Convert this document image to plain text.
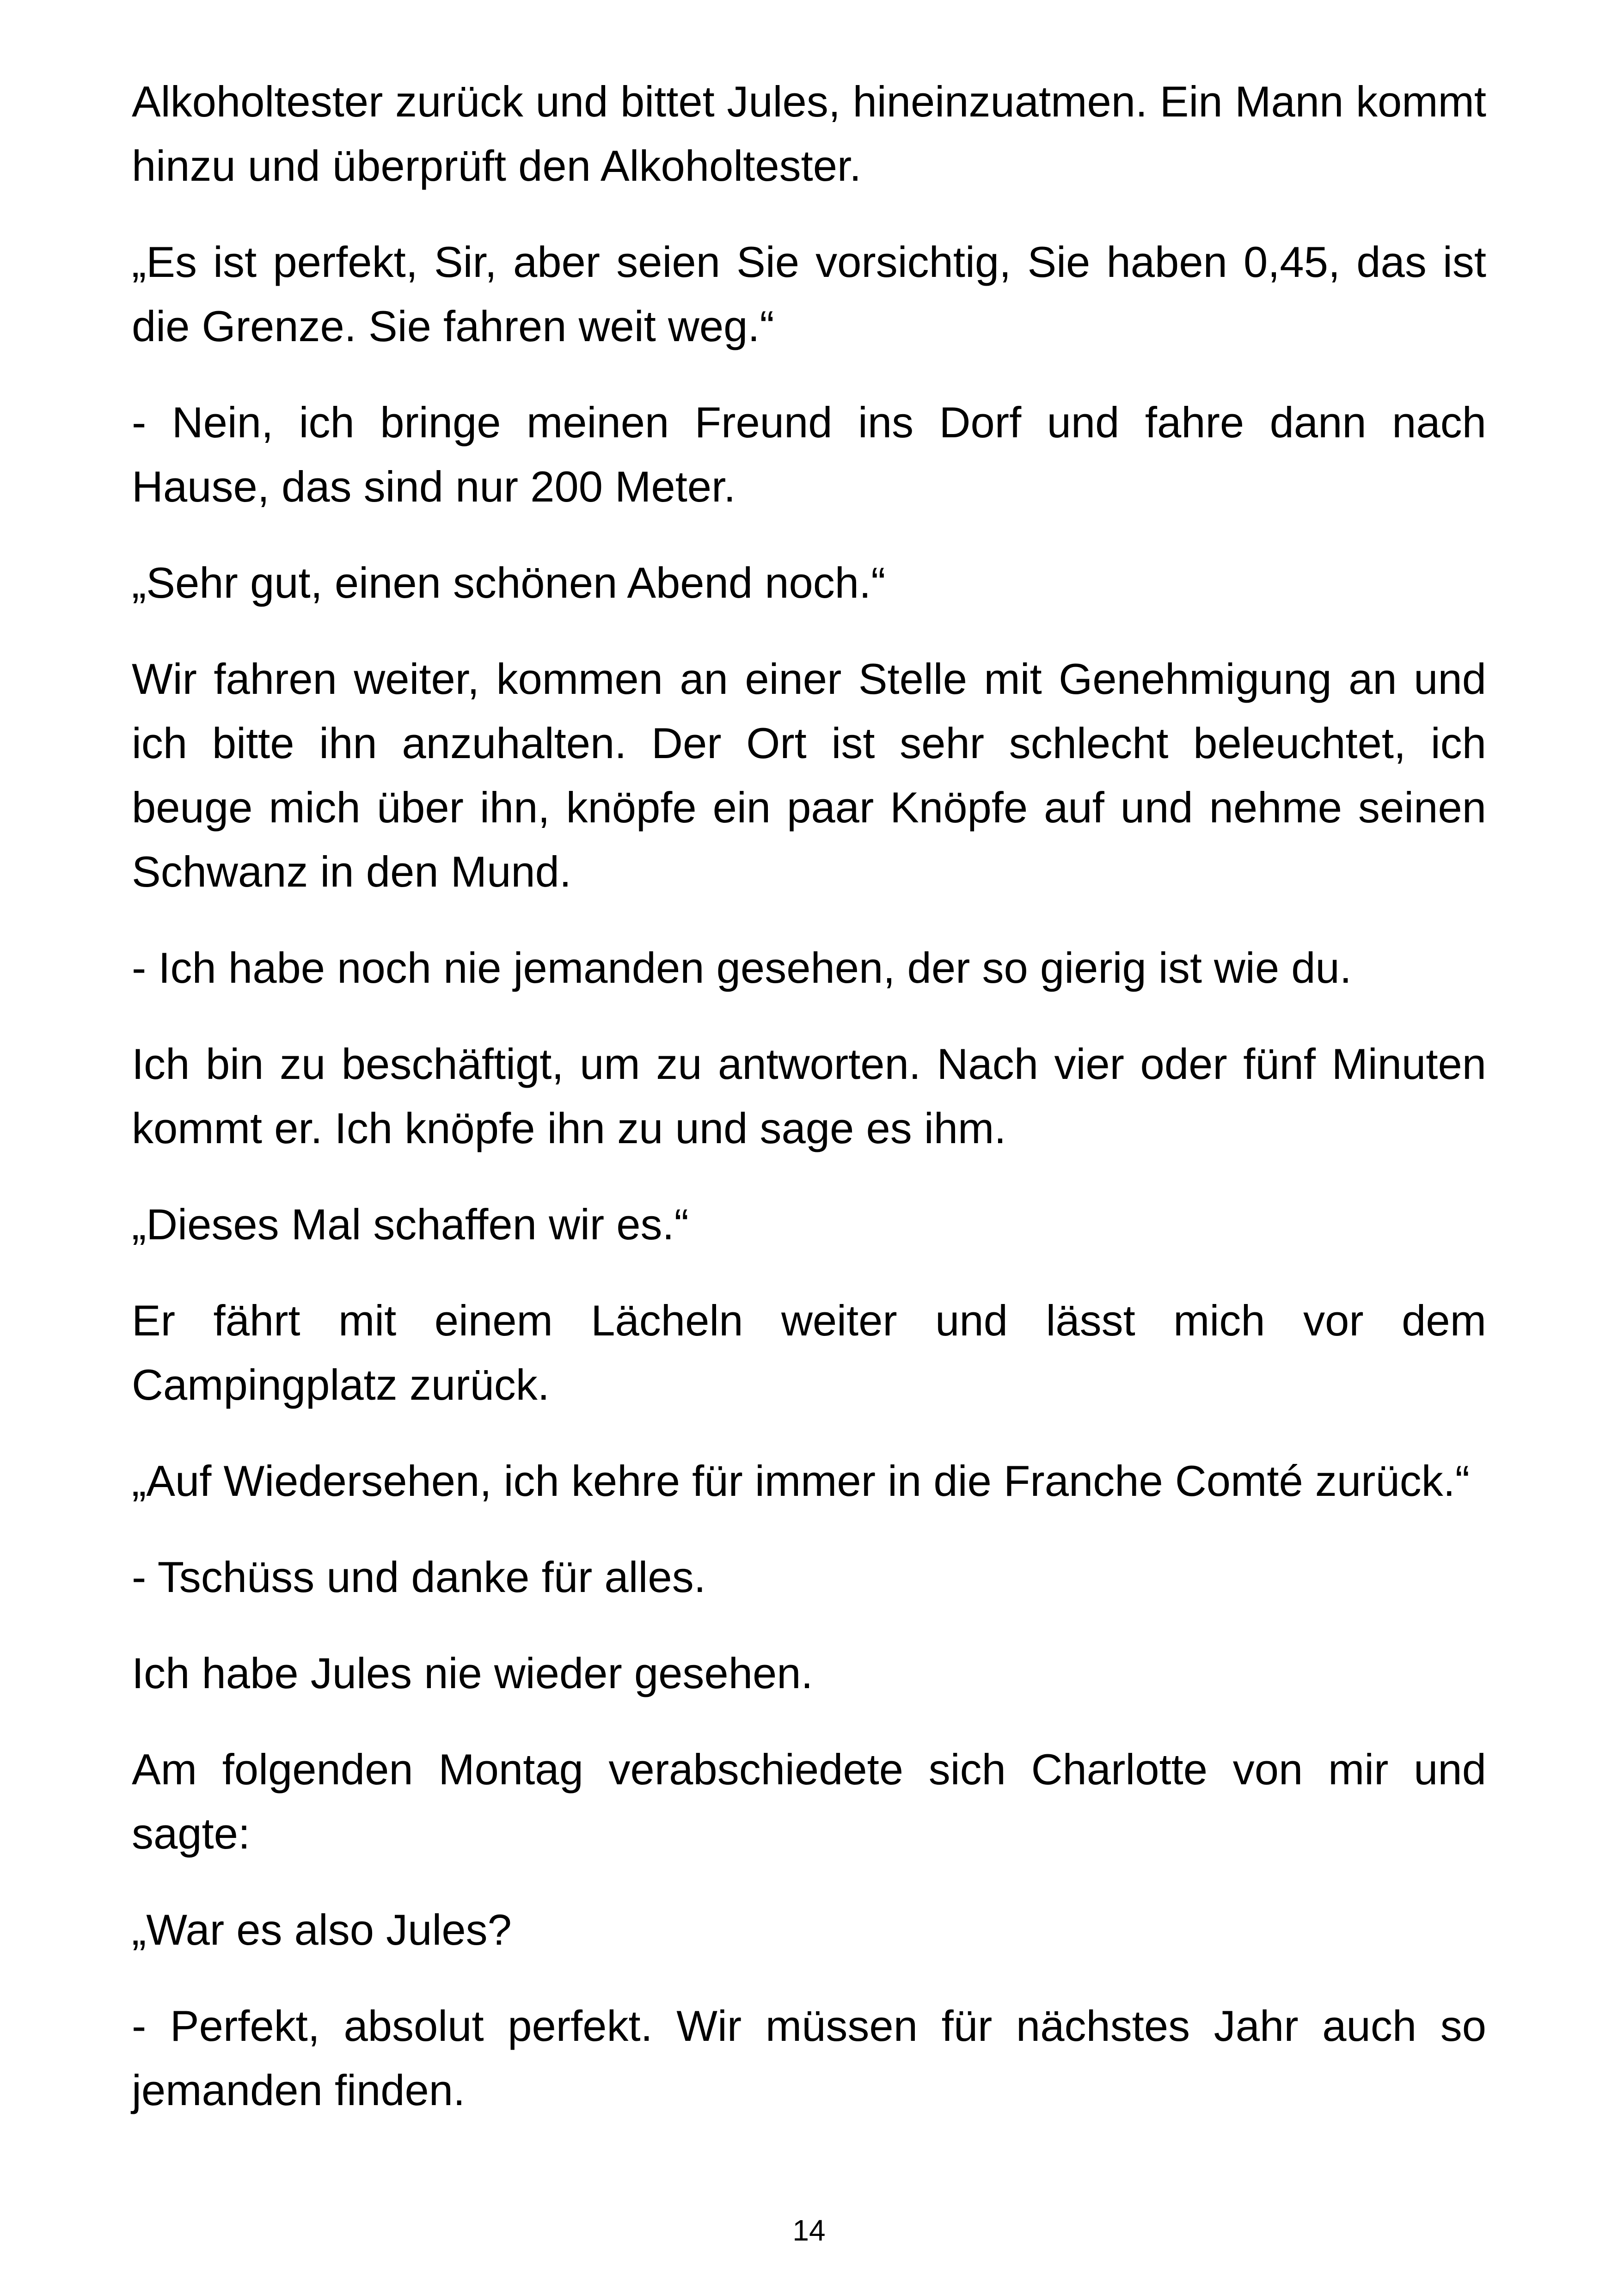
Alkoholtester zurück und bittet Jules, hineinzuatmen. Ein Mann kommt hinzu und überprüft den Alkoholtester.

„Es ist perfekt, Sir, aber seien Sie vorsichtig, Sie haben 0,45, das ist die Grenze. Sie fahren weit weg.“

- Nein, ich bringe meinen Freund ins Dorf und fahre dann nach Hause, das sind nur 200 Meter.

„Sehr gut, einen schönen Abend noch.“

Wir fahren weiter, kommen an einer Stelle mit Genehmigung an und ich bitte ihn anzuhalten. Der Ort ist sehr schlecht beleuchtet, ich beuge mich über ihn, knöpfe ein paar Knöpfe auf und nehme seinen Schwanz in den Mund.

- Ich habe noch nie jemanden gesehen, der so gierig ist wie du.

Ich bin zu beschäftigt, um zu antworten. Nach vier oder fünf Minuten kommt er. Ich knöpfe ihn zu und sage es ihm.

„Dieses Mal schaffen wir es.“

Er fährt mit einem Lächeln weiter und lässt mich vor dem Campingplatz zurück.

„Auf Wiedersehen, ich kehre für immer in die Franche Comté zurück.“

- Tschüss und danke für alles.

Ich habe Jules nie wieder gesehen.

Am folgenden Montag verabschiedete sich Charlotte von mir und sagte:

„War es also Jules?

- Perfekt, absolut perfekt. Wir müssen für nächstes Jahr auch so jemanden finden.

14
